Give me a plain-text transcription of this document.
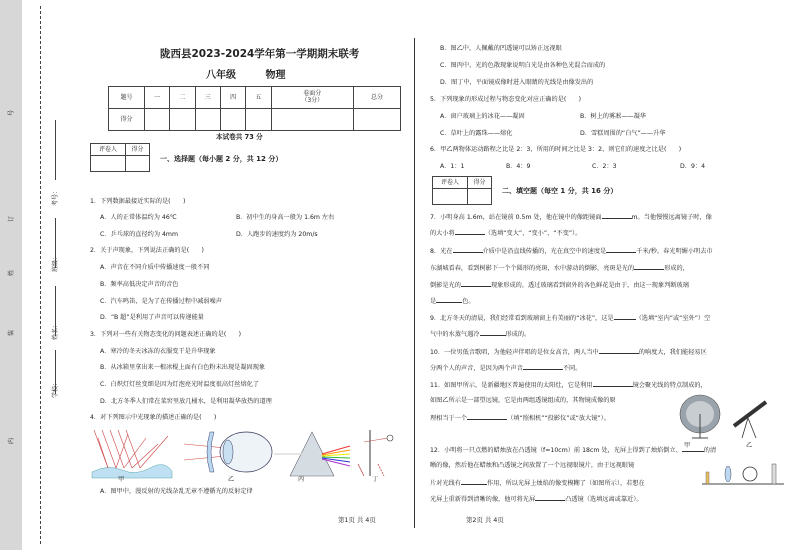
号
考号：
订
班级：
姓
姓名：
装
学校：
内
陇西县2023-2024学年第一学期期末联考
八年级 物理
题号	一	二	三	四	五	卷面分
（3分）	总分
得分							
本试卷共 73 分
评卷人	得分

一、选择题（每小题 2 分，共 12 分）
1．下列数据最接近实际的是(　　)
A．人的正常体温约为 46℃	B．初中生的身高一般为 1.6m 左右
C．乒乓球的直径约为 4mm	D．人跑步的速度约为 20m/s
2．关于声现象，下列说法正确的是(　　)
A．声音在不同介质中传播速度一般不同
B．频率高低决定声音的音色
C．汽车鸣笛，是为了在传播过程中减弱噪声
D．“B 超”是利用了声音可以传递能量
3．下列对一些有关物态变化的问题表述正确的是(　　)
A．寒冷的冬天冰冻的衣服变干是升华现象
B．从冰箱里拿出来一根冰棍上面有白色粉末出现是凝固现象
C．白炽灯灯丝变细是因为灯泡亮光时温度很高灯丝熔化了
D．北方冬季人们常在菜窖里放几桶水，是利用凝华放热的道理
4．对下列图示中光现象的描述正确的是(　　)
甲	乙	丙	丁
A．图甲中，漫反射的光线杂乱无章不遵循光的反射定律
第1页 共 4页
B．图乙中，人佩戴的凹透镜可以矫正远视眼
C．图丙中，光的色散现象说明白光是由各种色光混合而成的
D．图丁中，平面镜成像时进入眼睛的光线是由像发出的
5．下列现象的形成过程与物态变化对应正确的是(　　)
A．窗户玻璃上的冰花——凝固	B．树上的雾凇——凝华
C．草叶上的露珠——熔化	D．雪糕周围的“白气”——升华
6．甲乙两物体运动路程之比是 2：3，所用的时间之比是 3：2，则它们的速度之比是(　　)
A．1：1	B．4：9	C．2：3	D．9：4
评卷人	得分

二、填空题（每空 1 分，共 16 分）
7．小明身高 1.6m，站在镜前 0.5m 处，他在镜中的像距镜面	m。当他慢慢远离镜子时，像
的大小将	（选填“变大”、“变小”、“不变”）。
8．光在	介质中是沿直线传播的，光在真空中的速度是	千米/秒。春光明媚小明去市
东湖城看春，看到树影下一个个圆形的亮斑，水中游动的倒影，亮斑是光的	形成的，
倒影是光的	现象形成的，透过玻璃看到窗外的各色鲜花是由于，由这一现象判断玻璃
是	色。
9．北方冬天的清晨，我们经常看到玻璃窗上有美丽的“冰花”，这是	（选填“室内”或“室外”）空
气中的水蒸气遇冷	形成的。
10．一位男低音歌唱，为他轻声伴唱的是位女高音，两人当中	的响度大，我们能轻易区
分两个人的声音，是因为两个声音	不同。
11．如图甲所示，是新疆地区普遍使用的太阳灶，它是利用	镜会聚光线的特点制成的，
如图乙所示是一部望远镜，它是由两组透镜组成的，其物镜成像的原
理相当于一个	（填“照相机”“投影仪”或“放大镜”）。
甲	乙
12．小明将一只点燃的蜡烛放在凸透镜（f=10cm）前 18cm 处，光屏上得到了烛焰倒立、	的清
晰的像，然后他在蜡烛和凸透镜之间放置了一个远视眼镜片，由于远视眼镜
片对光线有	作用，所以光屏上烛焰的像变模糊了（如图所示），若想在
光屏上重新得到清晰的像，他可将光屏	凸透镜（选填远离或靠近）。
第2页 共 4页
